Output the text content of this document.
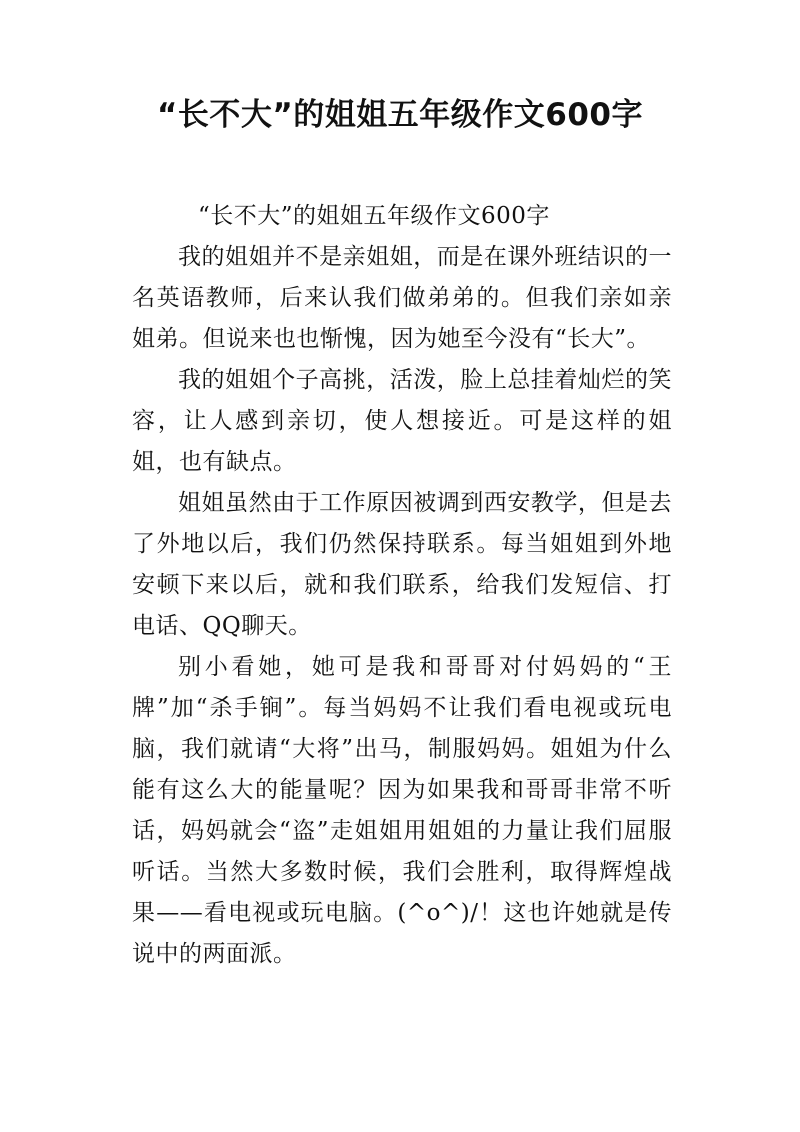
“长不大”的姐姐五年级作文600字

“长不大”的姐姐五年级作文600字

我的姐姐并不是亲姐姐，而是在课外班结识的一名英语教师，后来认我们做弟弟的。但我们亲如亲姐弟。但说来也也惭愧，因为她至今没有“长大”。

我的姐姐个子高挑，活泼，脸上总挂着灿烂的笑容，让人感到亲切，使人想接近。可是这样的姐姐，也有缺点。

姐姐虽然由于工作原因被调到西安教学，但是去了外地以后，我们仍然保持联系。每当姐姐到外地安顿下来以后，就和我们联系，给我们发短信、打电话、QQ聊天。

别小看她，她可是我和哥哥对付妈妈的“王牌”加“杀手锏”。每当妈妈不让我们看电视或玩电脑，我们就请“大将”出马，制服妈妈。姐姐为什么能有这么大的能量呢？因为如果我和哥哥非常不听话，妈妈就会“盗”走姐姐用姐姐的力量让我们屈服听话。当然大多数时候，我们会胜利，取得辉煌战果——看电视或玩电脑。(^o^)/！这也许她就是传说中的两面派。
